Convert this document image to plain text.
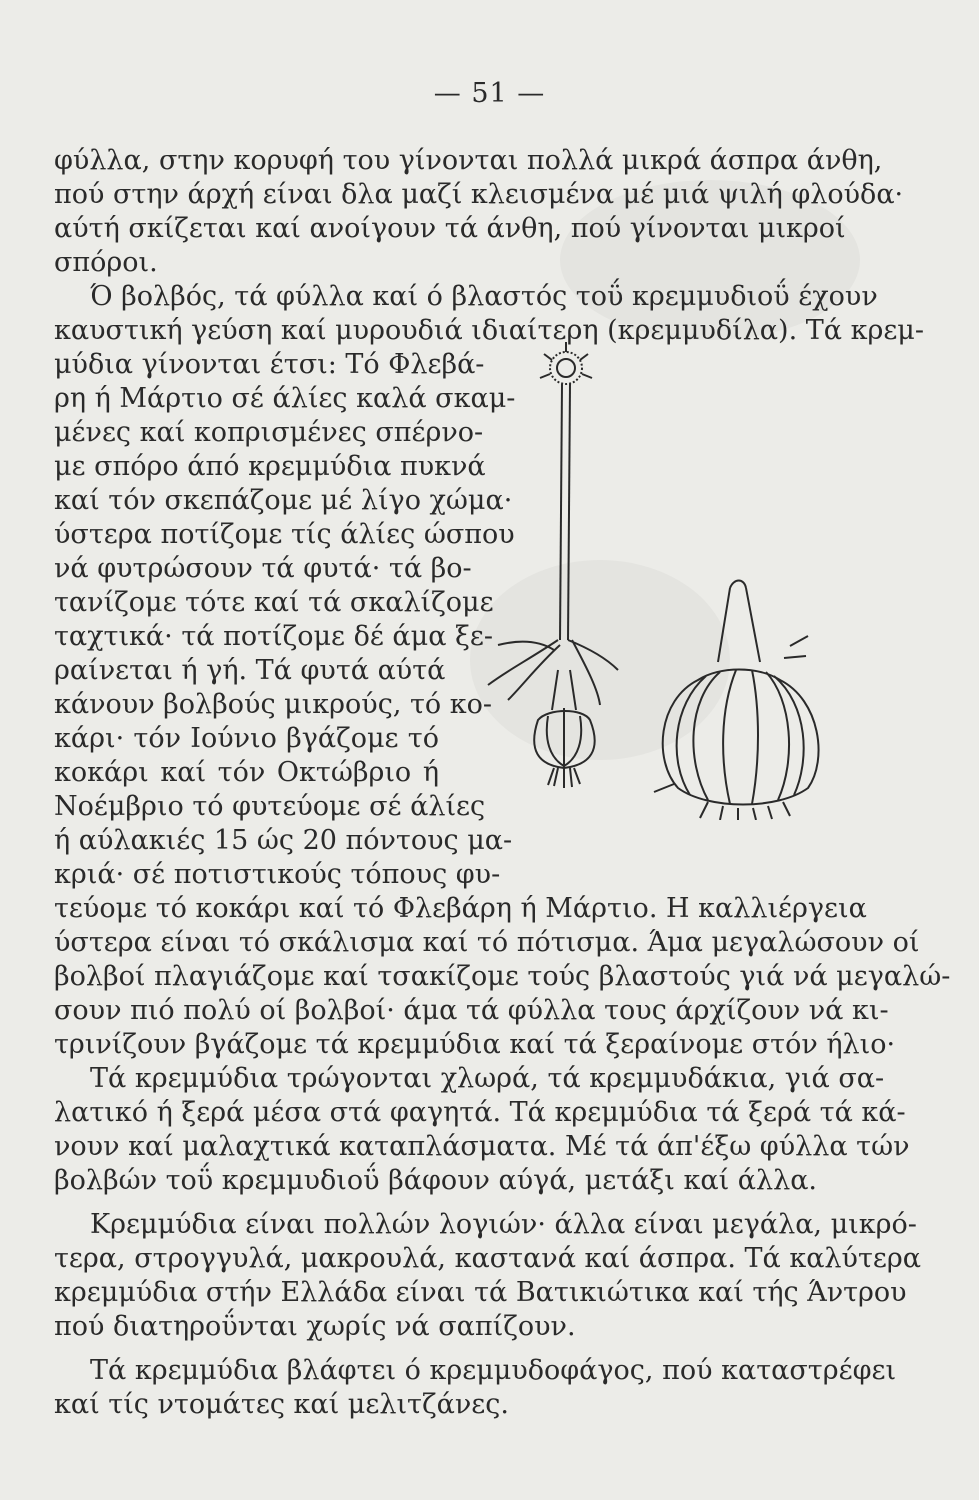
— 51 —
φύλλα, στην κορυφή του γίνονται πολλά μικρά άσπρα άνθη,
πού στην άρχή είναι δλα μαζί κλεισμένα μέ μιά ψιλή φλούδα·
αύτή σκίζεται καί ανοίγουν τά άνθη, πού γίνονται μικροί
σπόροι.
Ό βολβός, τά φύλλα καί ό βλαστός τοΰ κρεμμυδιοΰ έχουν
καυστική γεύση καί μυρουδιά ιδιαίτερη (κρεμμυδίλα). Τά κρεμ-
μύδια γίνονται έτσι: Τό Φλεβά-
ρη ή Μάρτιο σέ άλίες καλά σκαμ-
μένες καί κοπρισμένες σπέρνο-
με σπόρο άπό κρεμμύδια πυκνά
καί τόν σκεπάζομε μέ λίγο χώμα·
ύστερα ποτίζομε τίς άλίες ώσπου
νά φυτρώσουν τά φυτά· τά βο-
τανίζομε τότε καί τά σκαλίζομε
ταχτικά· τά ποτίζομε δέ άμα ξε-
ραίνεται ή γή. Τά φυτά αύτά
κάνουν βολβούς μικρούς, τό κο-
κάρι· τόν Ιούνιο βγάζομε τό
κοκάρι καί τόν Οκτώβριο ή
Νοέμβριο τό φυτεύομε σέ άλίες
ή αύλακιές 15 ώς 20 πόντους μα-
κριά· σέ ποτιστικούς τόπους φυ-
τεύομε τό κοκάρι καί τό Φλεβάρη ή Μάρτιο. Η καλλιέργεια
ύστερα είναι τό σκάλισμα καί τό πότισμα. Άμα μεγαλώσουν οί
βολβοί πλαγιάζομε καί τσακίζομε τούς βλαστούς γιά νά μεγαλώ-
σουν πιό πολύ οί βολβοί· άμα τά φύλλα τους άρχίζουν νά κι-
τρινίζουν βγάζομε τά κρεμμύδια καί τά ξεραίνομε στόν ήλιο·
Τά κρεμμύδια τρώγονται χλωρά, τά κρεμμυδάκια, γιά σα-
λατικό ή ξερά μέσα στά φαγητά. Τά κρεμμύδια τά ξερά τά κά-
νουν καί μαλαχτικά καταπλάσματα. Μέ τά άπ'έξω φύλλα τών
βολβών τοΰ κρεμμυδιοΰ βάφουν αύγά, μετάξι καί άλλα.
Κρεμμύδια είναι πολλών λογιών· άλλα είναι μεγάλα, μικρό-
τερα, στρογγυλά, μακρουλά, καστανά καί άσπρα. Τά καλύτερα
κρεμμύδια στήν Ελλάδα είναι τά Βατικιώτικα καί τής Άντρου
πού διατηροΰνται χωρίς νά σαπίζουν.
Τά κρεμμύδια βλάφτει ό κρεμμυδοφάγος, πού καταστρέφει
καί τίς ντομάτες καί μελιτζάνες.
